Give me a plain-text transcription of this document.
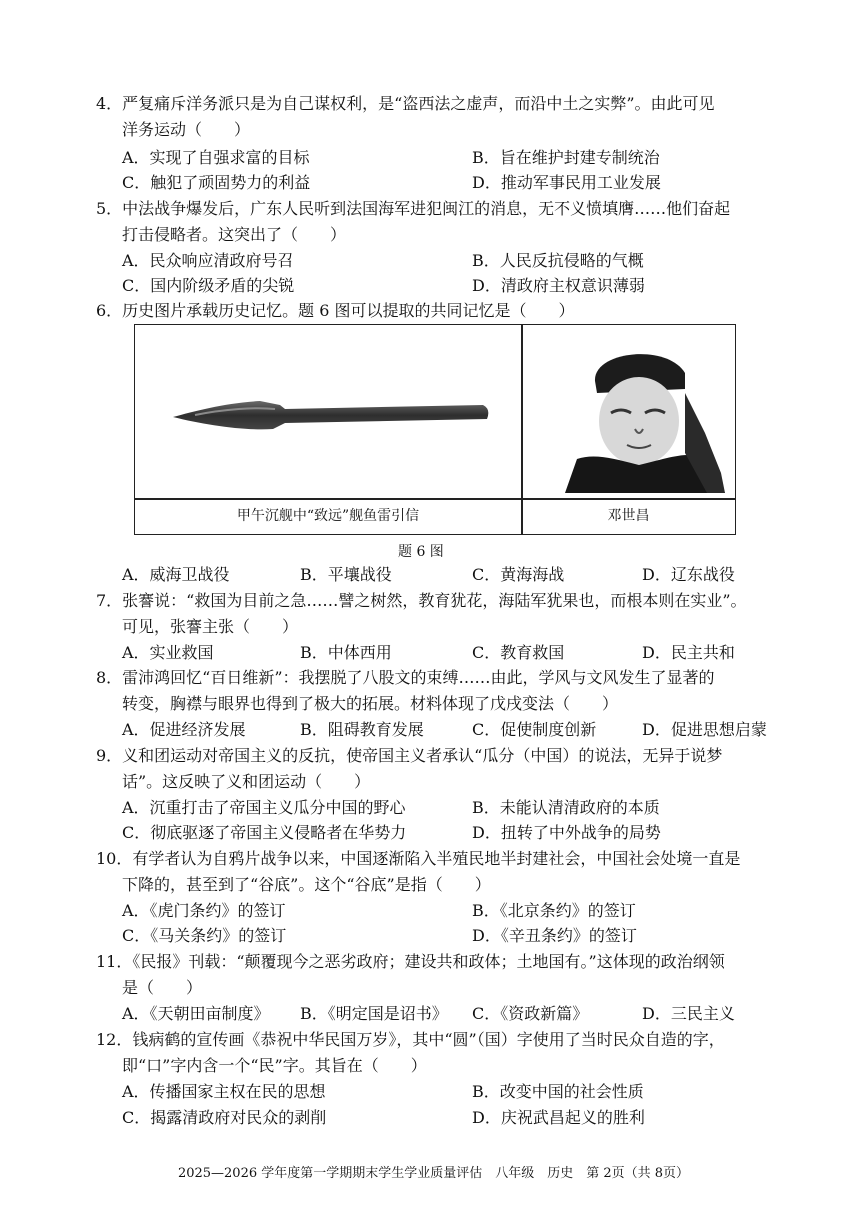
4．严复痛斥洋务派只是为自己谋权利，是“盗西法之虚声，而沿中土之实弊”。由此可见
洋务运动（　　）
A．实现了自强求富的目标	B．旨在维护封建专制统治
C．触犯了顽固势力的利益	D．推动军事民用工业发展
5．中法战争爆发后，广东人民听到法国海军进犯闽江的消息，无不义愤填膺……他们奋起
打击侵略者。这突出了（　　）
A．民众响应清政府号召	B．人民反抗侵略的气概
C．国内阶级矛盾的尖锐	D．清政府主权意识薄弱
6．历史图片承载历史记忆。题 6 图可以提取的共同记忆是（　　）
甲午沉舰中“致远”舰鱼雷引信	邓世昌
题 6 图
A．威海卫战役	B．平壤战役	C．黄海海战	D．辽东战役
7．张謇说：“救国为目前之急……譬之树然，教育犹花，海陆军犹果也，而根本则在实业”。
可见，张謇主张（　　）
A．实业救国	B．中体西用	C．教育救国	D．民主共和
8．雷沛鸿回忆“百日维新”：我摆脱了八股文的束缚……由此，学风与文风发生了显著的
转变，胸襟与眼界也得到了极大的拓展。材料体现了戊戌变法（　　）
A．促进经济发展	B．阻碍教育发展	C．促使制度创新	D．促进思想启蒙
9．义和团运动对帝国主义的反抗，使帝国主义者承认“瓜分（中国）的说法，无异于说梦
话”。这反映了义和团运动（　　）
A．沉重打击了帝国主义瓜分中国的野心	B．未能认清清政府的本质
C．彻底驱逐了帝国主义侵略者在华势力	D．扭转了中外战争的局势
10．有学者认为自鸦片战争以来，中国逐渐陷入半殖民地半封建社会，中国社会处境一直是
下降的，甚至到了“谷底”。这个“谷底”是指（　　）
A．《虎门条约》的签订	B．《北京条约》的签订
C．《马关条约》的签订	D．《辛丑条约》的签订
11．《民报》刊载：“颠覆现今之恶劣政府；建设共和政体；土地国有。”这体现的政治纲领
是（　　）
A．《天朝田亩制度》 B．《明定国是诏书》 C．《资政新篇》	D．三民主义
12．钱病鹤的宣传画《恭祝中华民国万岁》，其中“圆”（国）字使用了当时民众自造的字，
即“口”字内含一个“民”字。其旨在（　　）
A．传播国家主权在民的思想	B．改变中国的社会性质
C．揭露清政府对民众的剥削	D．庆祝武昌起义的胜利
2025—2026 学年度第一学期期末学生学业质量评估　八年级　历史　第 2页（共 8页）
